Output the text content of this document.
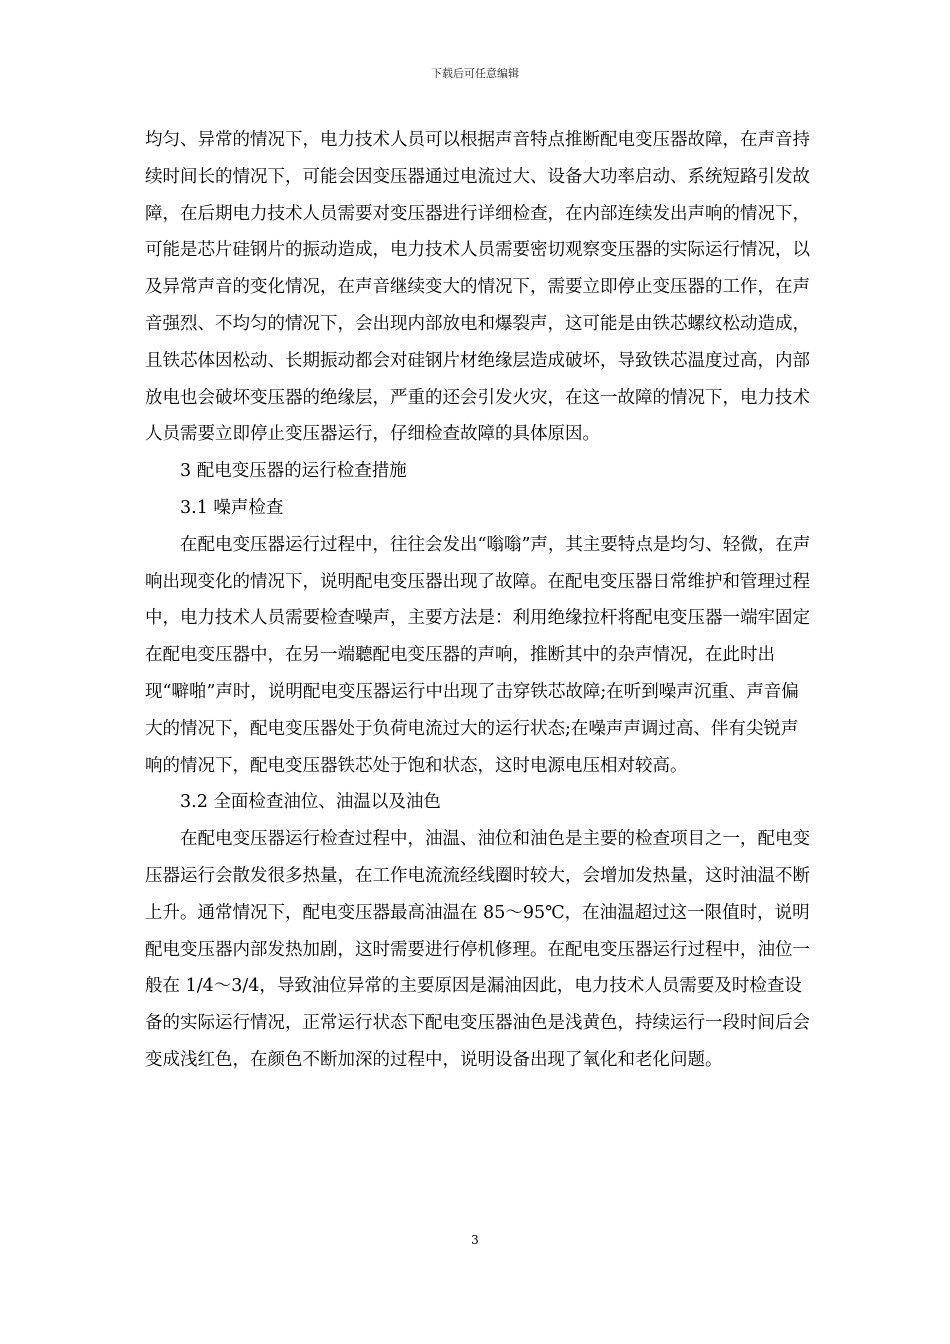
下载后可任意编辑

均匀、异常的情况下，电力技术人员可以根据声音特点推断配电变压器故障，在声音持续时间长的情况下，可能会因变压器通过电流过大、设备大功率启动、系统短路引发故障，在后期电力技术人员需要对变压器进行详细检查，在内部连续发出声响的情况下，可能是芯片硅钢片的振动造成，电力技术人员需要密切观察变压器的实际运行情况，以及异常声音的变化情况，在声音继续变大的情况下，需要立即停止变压器的工作，在声音强烈、不均匀的情况下，会出现内部放电和爆裂声，这可能是由铁芯螺纹松动造成，且铁芯体因松动、长期振动都会对硅钢片材绝缘层造成破坏，导致铁芯温度过高，内部放电也会破坏变压器的绝缘层，严重的还会引发火灾，在这一故障的情况下，电力技术人员需要立即停止变压器运行，仔细检查故障的具体原因。

3 配电变压器的运行检查措施

3.1 噪声检查

在配电变压器运行过程中，往往会发出“嗡嗡”声，其主要特点是均匀、轻微，在声响出现变化的情况下，说明配电变压器出现了故障。在配电变压器日常维护和管理过程中，电力技术人员需要检查噪声，主要方法是：利用绝缘拉杆将配电变压器一端牢固定在配电变压器中，在另一端聽配电变压器的声响，推断其中的杂声情况，在此时出现“噼啪”声时，说明配电变压器运行中出现了击穿铁芯故障;在听到噪声沉重、声音偏大的情况下，配电变压器处于负荷电流过大的运行状态;在噪声声调过高、伴有尖锐声响的情况下，配电变压器铁芯处于饱和状态，这时电源电压相对较高。

3.2 全面检查油位、油温以及油色

在配电变压器运行检查过程中，油温、油位和油色是主要的检查项目之一，配电变压器运行会散发很多热量，在工作电流流经线圈时较大，会增加发热量，这时油温不断上升。通常情况下，配电变压器最高油温在 85～95℃，在油温超过这一限值时，说明配电变压器内部发热加剧，这时需要进行停机修理。在配电变压器运行过程中，油位一般在 1/4～3/4，导致油位异常的主要原因是漏油因此，电力技术人员需要及时检查设备的实际运行情况，正常运行状态下配电变压器油色是浅黄色，持续运行一段时间后会变成浅红色，在颜色不断加深的过程中，说明设备出现了氧化和老化问题。

3
